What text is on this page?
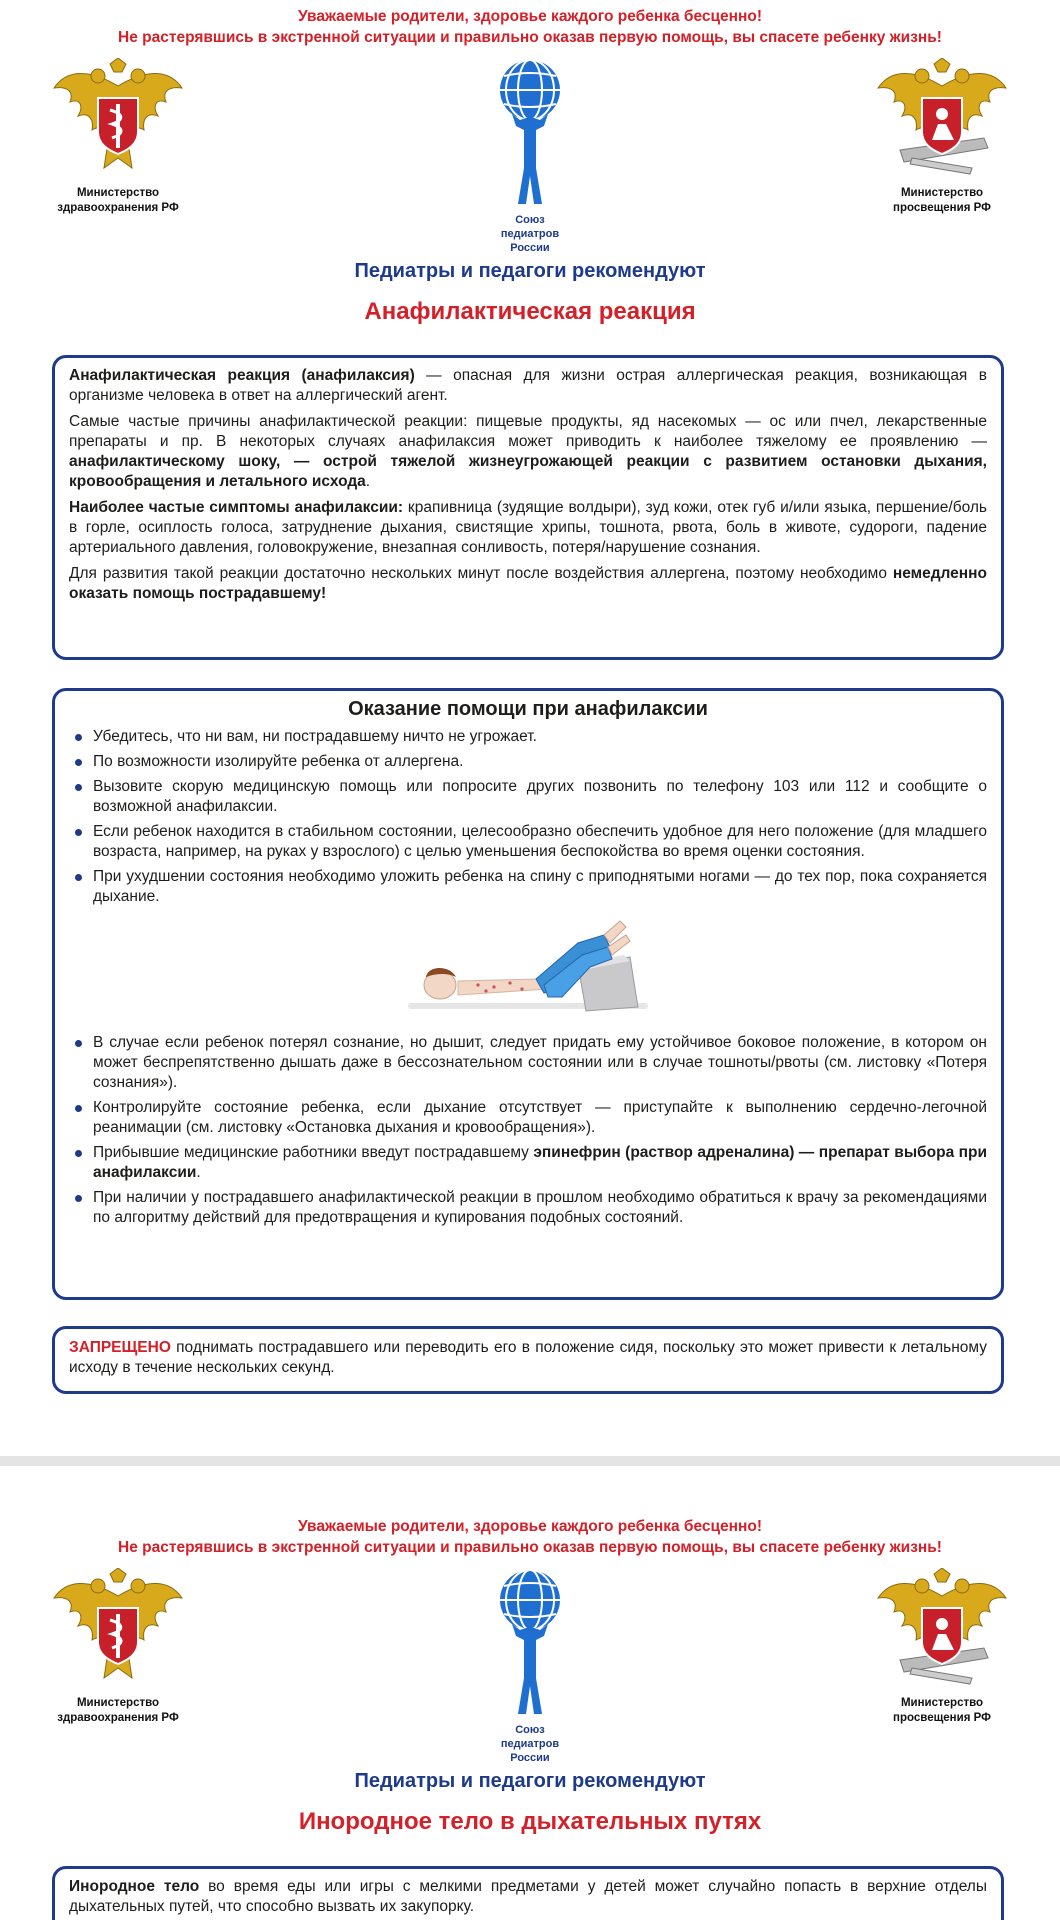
Уважаемые родители, здоровье каждого ребенка бесценно!
Не растерявшись в экстренной ситуации и правильно оказав первую помощь, вы спасете ребенку жизнь!
Министерство
здравоохранения РФ
Союз
педиатров
России
Министерство
просвещения РФ
Педиатры и педагоги рекомендуют
Анафилактическая реакция

Анафилактическая реакция (анафилаксия) — опасная для жизни острая аллергическая реакция, возникающая в организме человека в ответ на аллергический агент.

Самые частые причины анафилактической реакции: пищевые продукты, яд насекомых — ос или пчел, лекарственные препараты и пр. В некоторых случаях анафилаксия может приводить к наиболее тяжелому ее проявлению — анафилактическому шоку, — острой тяжелой жизнеугрожающей реакции с развитием остановки дыхания, кровообращения и летального исхода.

Наиболее частые симптомы анафилаксии: крапивница (зудящие волдыри), зуд кожи, отек губ и/или языка, першение/боль в горле, осиплость голоса, затруднение дыхания, свистящие хрипы, тошнота, рвота, боль в животе, судороги, падение артериального давления, головокружение, внезапная сонливость, потеря/нарушение сознания.

Для развития такой реакции достаточно нескольких минут после воздействия аллергена, поэтому необходимо немедленно оказать помощь пострадавшему!

Оказание помощи при анафилаксии
Убедитесь, что ни вам, ни пострадавшему ничто не угрожает.
По возможности изолируйте ребенка от аллергена.
Вызовите скорую медицинскую помощь или попросите других позвонить по телефону 103 или 112 и сообщите о возможной анафилаксии.
Если ребенок находится в стабильном состоянии, целесообразно обеспечить удобное для него положение (для младшего возраста, например, на руках у взрослого) с целью уменьшения беспокойства во время оценки состояния.
При ухудшении состояния необходимо уложить ребенка на спину с приподнятыми ногами — до тех пор, пока сохраняется дыхание.
В случае если ребенок потерял сознание, но дышит, следует придать ему устойчивое боковое положение, в котором он может беспрепятственно дышать даже в бессознательном состоянии или в случае тошноты/рвоты (см. листовку «Потеря сознания»).
Контролируйте состояние ребенка, если дыхание отсутствует — приступайте к выполнению сердечно-легочной реанимации (см. листовку «Остановка дыхания и кровообращения»).
Прибывшие медицинские работники введут пострадавшему эпинефрин (раствор адреналина) — препарат выбора при анафилаксии.
При наличии у пострадавшего анафилактической реакции в прошлом необходимо обратиться к врачу за рекомендациями по алгоритму действий для предотвращения и купирования подобных состояний.

ЗАПРЕЩЕНО поднимать пострадавшего или переводить его в положение сидя, поскольку это может привести к летальному исходу в течение нескольких секунд.

Уважаемые родители, здоровье каждого ребенка бесценно!
Не растерявшись в экстренной ситуации и правильно оказав первую помощь, вы спасете ребенку жизнь!
Министерство
здравоохранения РФ
Союз
педиатров
России
Министерство
просвещения РФ
Педиатры и педагоги рекомендуют
Инородное тело в дыхательных путях

Инородное тело во время еды или игры с мелкими предметами у детей может случайно попасть в верхние отделы дыхательных путей, что способно вызвать их закупорку.
